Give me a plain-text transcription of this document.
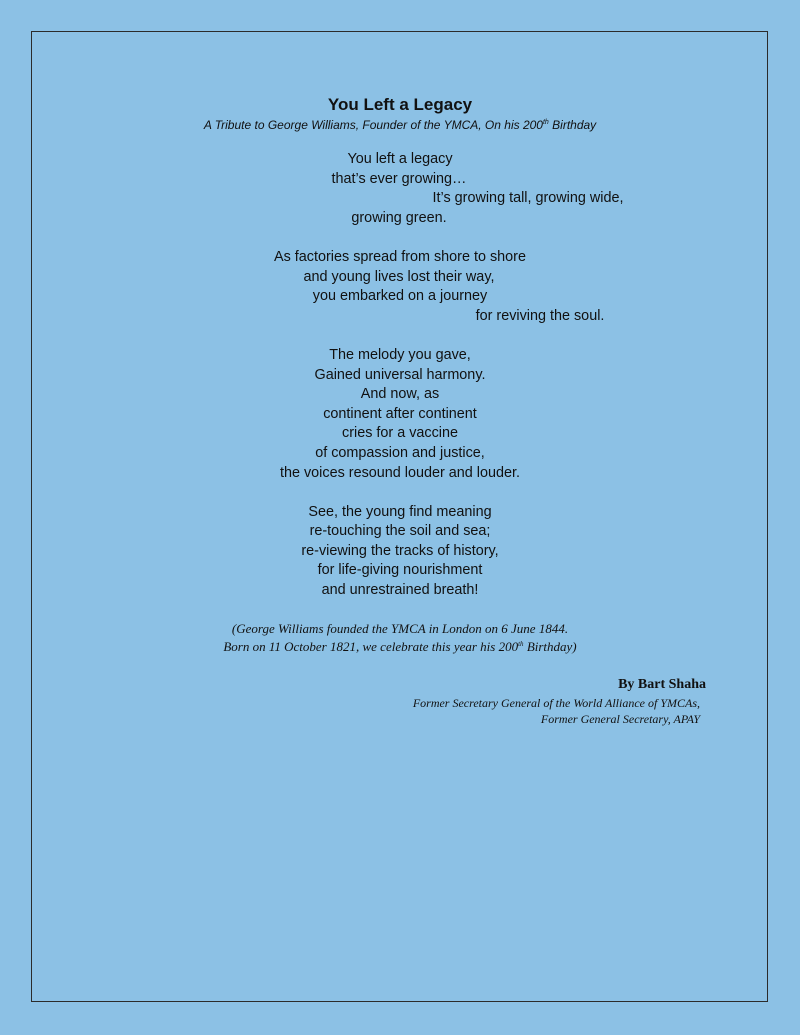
You Left a Legacy
A Tribute to George Williams, Founder of the YMCA, On his 200th Birthday
You left a legacy
that’s ever growing…
It’s growing tall, growing wide,
growing green.
As factories spread from shore to shore
and young lives lost their way,
you embarked on a journey
for reviving the soul.
The melody you gave,
Gained universal harmony.
And now, as
continent after continent
cries for a vaccine
of compassion and justice,
the voices resound louder and louder.
See, the young find meaning
re-touching the soil and sea;
re-viewing the tracks of history,
for life-giving nourishment
and unrestrained breath!
(George Williams founded the YMCA in London on 6 June 1844.
Born on 11 October 1821, we celebrate this year his 200th Birthday)
By Bart Shaha
Former Secretary General of the World Alliance of YMCAs,
Former General Secretary, APAY
